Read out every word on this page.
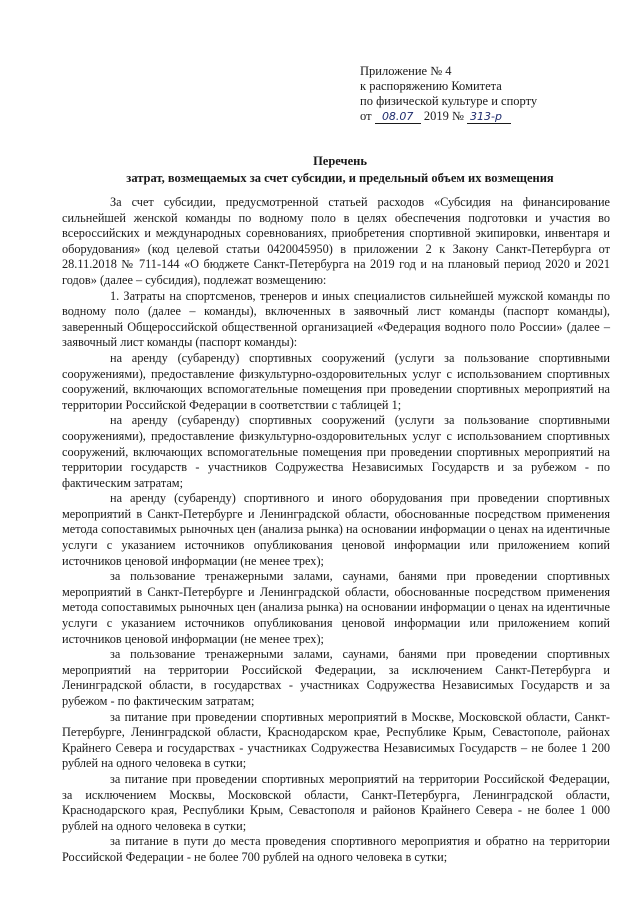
Приложение № 4
к распоряжению Комитета
по физической культуре и спорту
от 08.07 2019 № 313-р
Перечень
затрат, возмещаемых за счет субсидии, и предельный объем их возмещения

За счет субсидии, предусмотренной статьей расходов «Субсидия на финансирование сильнейшей женской команды по водному поло в целях обеспечения подготовки и участия во всероссийских и международных соревнованиях, приобретения спортивной экипировки, инвентаря и оборудования» (код целевой статьи 0420045950) в приложении 2 к Закону Санкт-Петербурга от 28.11.2018 № 711-144 «О бюджете Санкт-Петербурга на 2019 год и на плановый период 2020 и 2021 годов» (далее – субсидия), подлежат возмещению:

1. Затраты на спортсменов, тренеров и иных специалистов сильнейшей мужской команды по водному поло (далее – команды), включенных в заявочный лист команды (паспорт команды), заверенный Общероссийской общественной организацией «Федерация водного поло России» (далее – заявочный лист команды (паспорт команды):

на аренду (субаренду) спортивных сооружений (услуги за пользование спортивными сооружениями), предоставление физкультурно-оздоровительных услуг с использованием спортивных сооружений, включающих вспомогательные помещения при проведении спортивных мероприятий на территории Российской Федерации в соответствии с таблицей 1;

на аренду (субаренду) спортивных сооружений (услуги за пользование спортивными сооружениями), предоставление физкультурно-оздоровительных услуг с использованием спортивных сооружений, включающих вспомогательные помещения при проведении спортивных мероприятий на территории государств - участников Содружества Независимых Государств и за рубежом - по фактическим затратам;

на аренду (субаренду) спортивного и иного оборудования при проведении спортивных мероприятий в Санкт-Петербурге и Ленинградской области, обоснованные посредством применения метода сопоставимых рыночных цен (анализа рынка) на основании информации о ценах на идентичные услуги с указанием источников опубликования ценовой информации или приложением копий источников ценовой информации (не менее трех);

за пользование тренажерными залами, саунами, банями при проведении спортивных мероприятий в Санкт-Петербурге и Ленинградской области, обоснованные посредством применения метода сопоставимых рыночных цен (анализа рынка) на основании информации о ценах на идентичные услуги с указанием источников опубликования ценовой информации или приложением копий источников ценовой информации (не менее трех);

за пользование тренажерными залами, саунами, банями при проведении спортивных мероприятий на территории Российской Федерации, за исключением Санкт-Петербурга и Ленинградской области, в государствах - участниках Содружества Независимых Государств и за рубежом - по фактическим затратам;

за питание при проведении спортивных мероприятий в Москве, Московской области, Санкт-Петербурге, Ленинградской области, Краснодарском крае, Республике Крым, Севастополе, районах Крайнего Севера и государствах - участниках Содружества Независимых Государств – не более 1 200 рублей на одного человека в сутки;

за питание при проведении спортивных мероприятий на территории Российской Федерации, за исключением Москвы, Московской области, Санкт-Петербурга, Ленинградской области, Краснодарского края, Республики Крым, Севастополя и районов Крайнего Севера - не более 1 000 рублей на одного человека в сутки;

за питание в пути до места проведения спортивного мероприятия и обратно на территории Российской Федерации - не более 700 рублей на одного человека в сутки;
